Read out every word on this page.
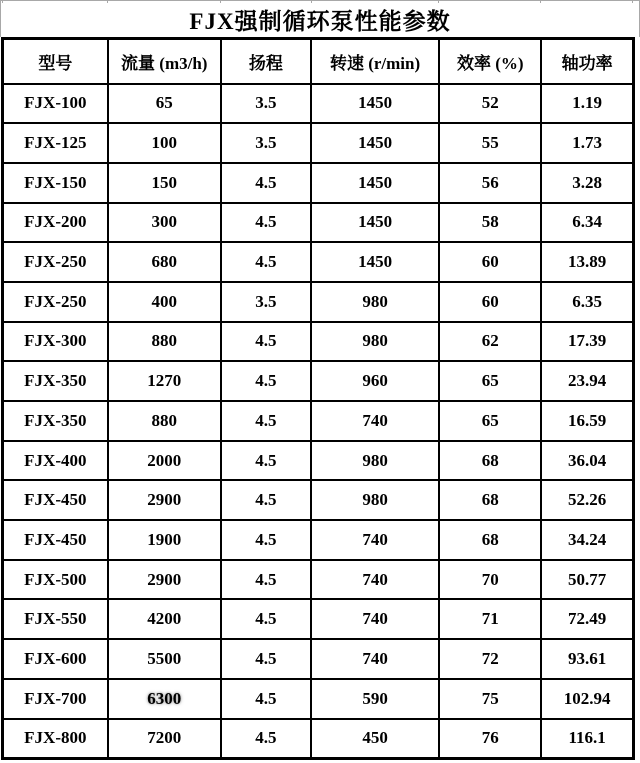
FJX强制循环泵性能参数
型号	流量 (m3/h)	扬程	转速 (r/min)	效率 (%)	轴功率
FJX-100	65	3.5	1450	52	1.19
FJX-125	100	3.5	1450	55	1.73
FJX-150	150	4.5	1450	56	3.28
FJX-200	300	4.5	1450	58	6.34
FJX-250	680	4.5	1450	60	13.89
FJX-250	400	3.5	980	60	6.35
FJX-300	880	4.5	980	62	17.39
FJX-350	1270	4.5	960	65	23.94
FJX-350	880	4.5	740	65	16.59
FJX-400	2000	4.5	980	68	36.04
FJX-450	2900	4.5	980	68	52.26
FJX-450	1900	4.5	740	68	34.24
FJX-500	2900	4.5	740	70	50.77
FJX-550	4200	4.5	740	71	72.49
FJX-600	5500	4.5	740	72	93.61
FJX-700	6300	4.5	590	75	102.94
FJX-800	7200	4.5	450	76	116.1
